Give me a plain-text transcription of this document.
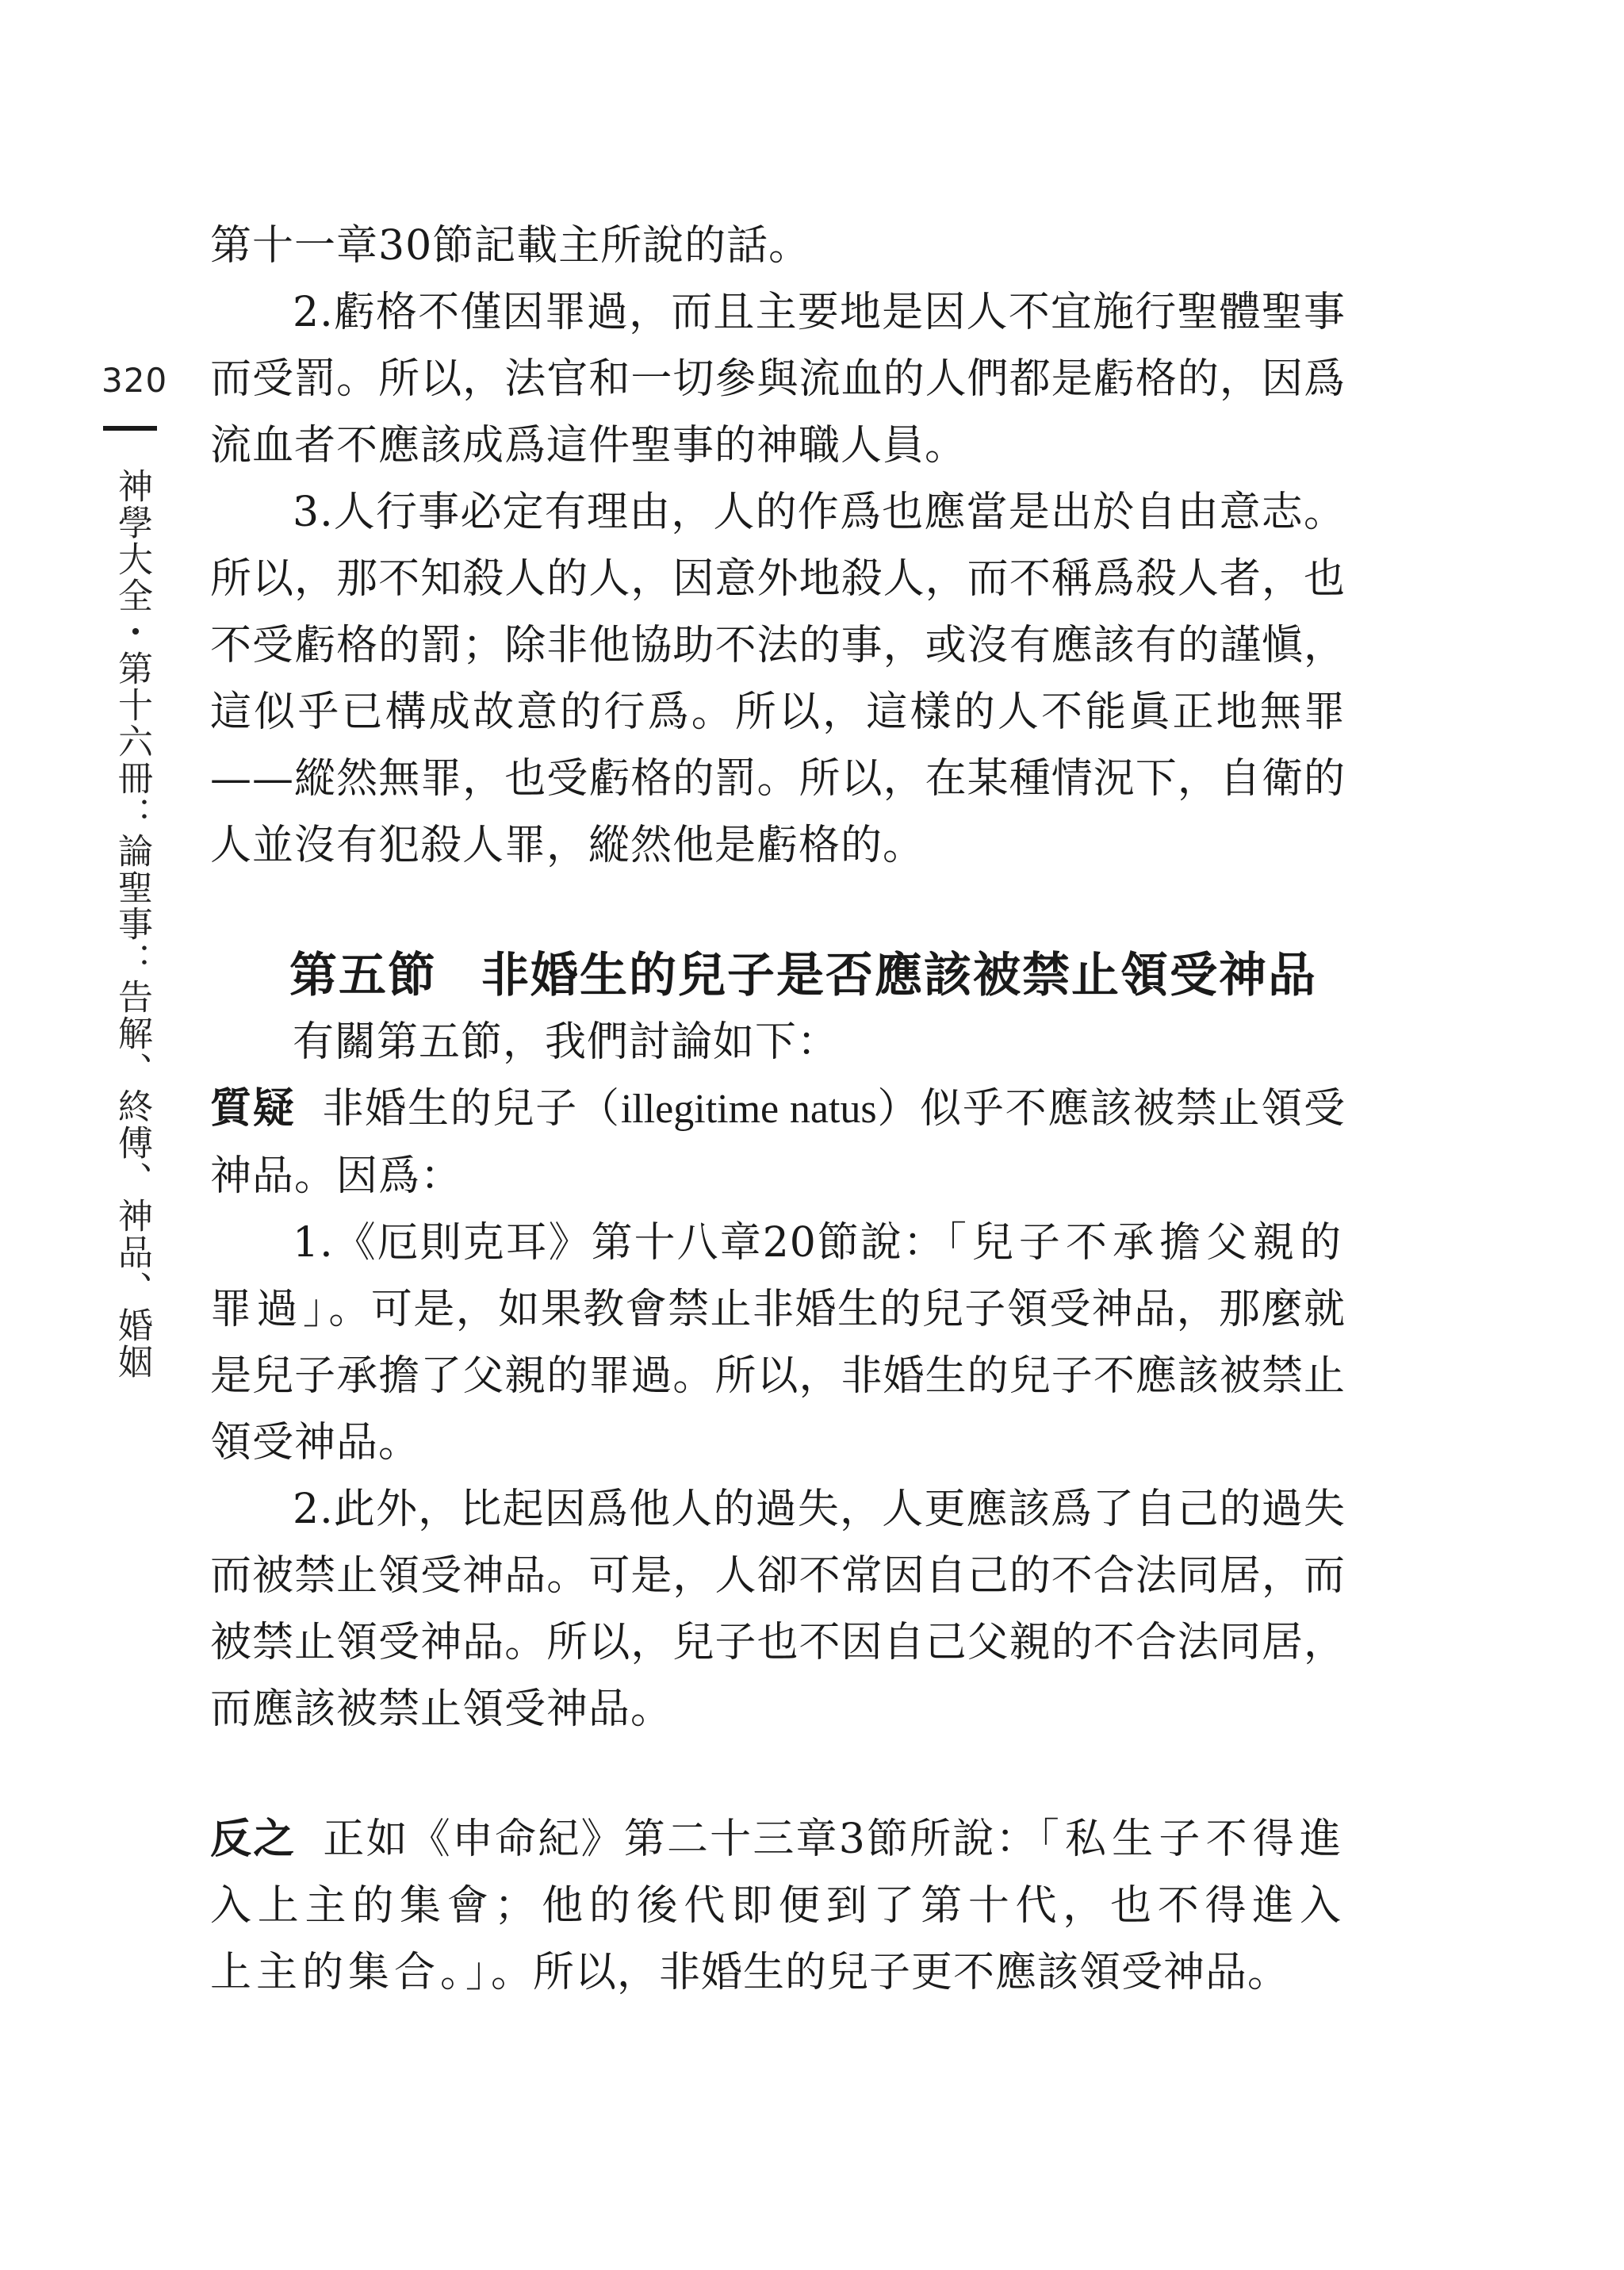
320
神學大全・第十六冊：論聖事：告解、終傅、神品、婚姻

第十一章30節記載主所說的話。

2.虧格不僅因罪過，而且主要地是因人不宜施行聖體聖事而受罰。所以，法官和一切參與流血的人們都是虧格的，因爲流血者不應該成爲這件聖事的神職人員。

3.人行事必定有理由，人的作爲也應當是出於自由意志。所以，那不知殺人的人，因意外地殺人，而不稱爲殺人者，也不受虧格的罰；除非他協助不法的事，或沒有應該有的謹愼，這似乎已構成故意的行爲。所以，這樣的人不能眞正地無罪——縱然無罪，也受虧格的罰。所以，在某種情況下，自衛的人並沒有犯殺人罪，縱然他是虧格的。

第五節 非婚生的兒子是否應該被禁止領受神品

有關第五節，我們討論如下：

質疑 非婚生的兒子（illegitime natus）似乎不應該被禁止領受神品。因爲：

1.《厄則克耳》第十八章20節說：「兒子不承擔父親的罪過」。可是，如果教會禁止非婚生的兒子領受神品，那麼就是兒子承擔了父親的罪過。所以，非婚生的兒子不應該被禁止領受神品。

2.此外，比起因爲他人的過失，人更應該爲了自己的過失而被禁止領受神品。可是，人卻不常因自己的不合法同居，而被禁止領受神品。所以，兒子也不因自己父親的不合法同居，而應該被禁止領受神品。

反之 正如《申命紀》第二十三章3節所說：「私生子不得進入上主的集會；他的後代即便到了第十代，也不得進入上主的集合。」。所以，非婚生的兒子更不應該領受神品。
